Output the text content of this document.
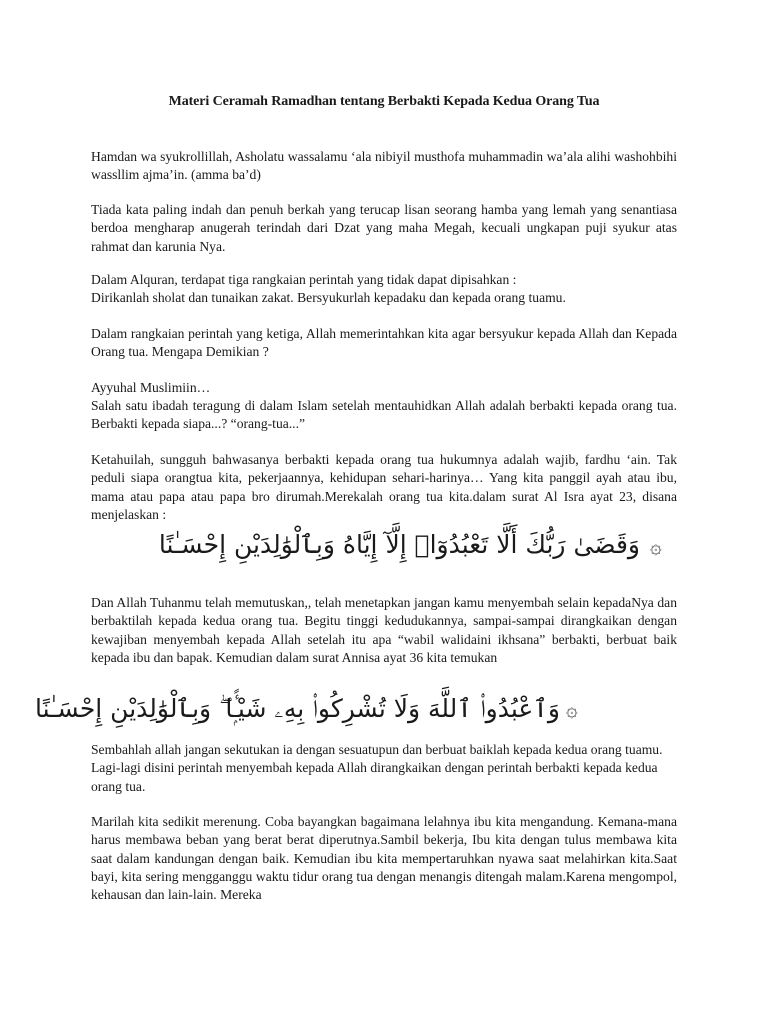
Materi Ceramah Ramadhan tentang Berbakti Kepada Kedua Orang Tua

Hamdan wa syukrollillah, Asholatu wassalamu ‘ala nibiyil musthofa muhammadin wa’ala alihi washohbihi wassllim ajma’in. (amma ba’d)

Tiada kata paling indah dan penuh berkah yang terucap lisan seorang hamba yang lemah yang senantiasa berdoa mengharap anugerah terindah dari Dzat yang maha Megah, kecuali ungkapan puji syukur atas rahmat dan karunia Nya.

Dalam Alquran, terdapat tiga rangkaian perintah yang tidak dapat dipisahkan :

Dirikanlah sholat dan tunaikan zakat. Bersyukurlah kepadaku dan kepada orang tuamu.

Dalam rangkaian perintah yang ketiga, Allah memerintahkan kita agar bersyukur kepada Allah dan Kepada Orang tua. Mengapa Demikian ?

Ayyuhal Muslimiin…

Salah satu ibadah teragung di dalam Islam setelah mentauhidkan Allah adalah berbakti kepada orang tua. Berbakti kepada siapa...? “orang-tua...”

Ketahuilah, sungguh bahwasanya berbakti kepada orang tua hukumnya adalah wajib, fardhu ‘ain. Tak peduli siapa orangtua kita, pekerjaannya, kehidupan sehari-harinya… Yang kita panggil ayah atau ibu, mama atau papa atau papa bro dirumah.Merekalah orang tua kita.dalam surat Al Isra ayat 23, disana menjelaskan :

۞
وَقَضَىٰ رَبُّكَ أَلَّا تَعْبُدُوٓا۟ إِلَّآ إِيَّاهُ وَبِٱلْوَٰلِدَيْنِ إِحْسَـٰنًا

Dan Allah Tuhanmu telah memutuskan,, telah menetapkan jangan kamu menyembah selain kepadaNya dan berbaktilah kepada kedua orang tua. Begitu tinggi kedudukannya, sampai-sampai dirangkaikan dengan kewajiban menyembah kepada Allah setelah itu apa “wabil walidaini ikhsana” berbakti, berbuat baik kepada ibu dan bapak. Kemudian dalam surat Annisa ayat 36 kita temukan

۞
وَٱعْبُدُوا۟ ٱللَّهَ وَلَا تُشْرِكُوا۟ بِهِۦ شَيْـًۭٔا ۖ وَبِٱلْوَٰلِدَيْنِ إِحْسَـٰنًا

Sembahlah allah jangan sekutukan ia dengan sesuatupun dan berbuat baiklah kepada kedua orang tuamu. Lagi-lagi disini perintah menyembah kepada Allah dirangkaikan dengan perintah berbakti kepada kedua orang tua.

Marilah kita sedikit merenung. Coba bayangkan bagaimana lelahnya ibu kita mengandung. Kemana-mana harus membawa beban yang berat berat diperutnya.Sambil bekerja, Ibu kita dengan tulus membawa kita saat dalam kandungan dengan baik. Kemudian ibu kita mempertaruhkan nyawa saat melahirkan kita.Saat bayi, kita sering mengganggu waktu tidur orang tua dengan menangis ditengah malam.Karena mengompol, kehausan dan lain-lain. Mereka
